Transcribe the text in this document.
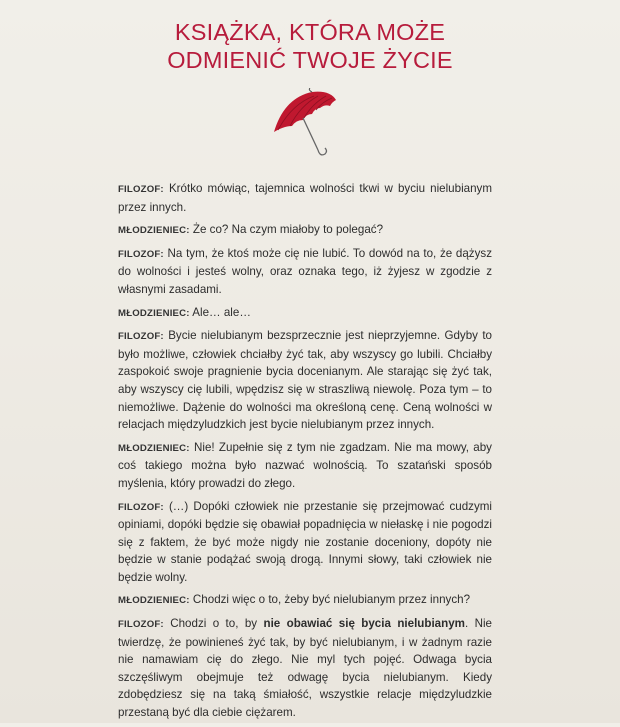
KSIĄŻKA, KTÓRA MOŻE
ODMIENIĆ TWOJE ŻYCIE

FILOZOF: Krótko mówiąc, tajemnica wolności tkwi w byciu nielubianym przez innych.

MŁODZIENIEC: Że co? Na czym miałoby to polegać?

FILOZOF: Na tym, że ktoś może cię nie lubić. To dowód na to, że dążysz do wolności i jesteś wolny, oraz oznaka tego, iż żyjesz w zgodzie z własnymi zasadami.

MŁODZIENIEC: Ale… ale…

FILOZOF: Bycie nielubianym bezsprzecznie jest nieprzyjemne. Gdyby to było możliwe, człowiek chciałby żyć tak, aby wszyscy go lubili. Chciałby zaspokoić swoje pragnienie bycia docenianym. Ale starając się żyć tak, aby wszyscy cię lubili, wpędzisz się w straszliwą niewolę. Poza tym – to niemożliwe. Dążenie do wolności ma określoną cenę. Ceną wolności w relacjach międzyludzkich jest bycie nielubianym przez innych.

MŁODZIENIEC: Nie! Zupełnie się z tym nie zgadzam. Nie ma mowy, aby coś takiego można było nazwać wolnością. To szatański sposób myślenia, który prowadzi do złego.

FILOZOF: (…) Dopóki człowiek nie przestanie się przejmować cudzymi opiniami, dopóki będzie się obawiał popadnięcia w niełaskę i nie pogodzi się z faktem, że być może nigdy nie zostanie doceniony, dopóty nie będzie w stanie podążać swoją drogą. Innymi słowy, taki człowiek nie będzie wolny.

MŁODZIENIEC: Chodzi więc o to, żeby być nielubianym przez innych?

FILOZOF: Chodzi o to, by nie obawiać się bycia nielubianym. Nie twierdzę, że powinieneś żyć tak, by być nielubianym, i w żadnym razie nie namawiam cię do złego. Nie myl tych pojęć. Odwaga bycia szczęśliwym obejmuje też odwagę bycia nielubianym. Kiedy zdobędziesz się na taką śmiałość, wszystkie relacje międzyludzkie przestaną być dla ciebie ciężarem.
